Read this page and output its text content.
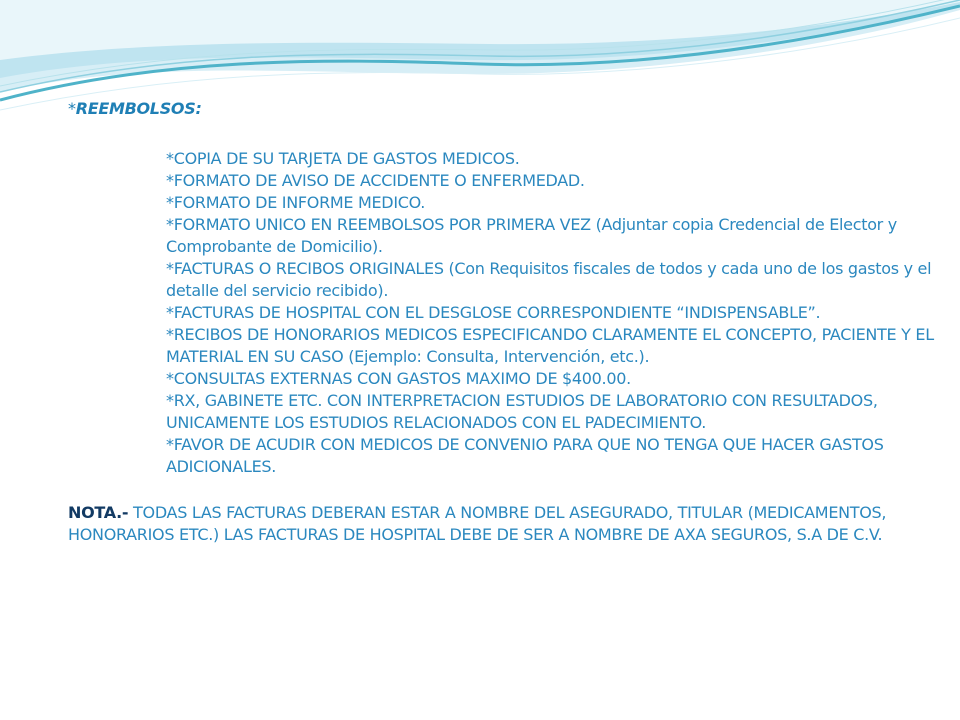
*REEMBOLSOS:

*COPIA DE SU TARJETA DE GASTOS MEDICOS.
*FORMATO DE AVISO DE ACCIDENTE O ENFERMEDAD.
*FORMATO DE INFORME MEDICO.
*FORMATO UNICO EN REEMBOLSOS POR PRIMERA VEZ (Adjuntar copia Credencial de Elector y Comprobante de Domicilio).
*FACTURAS O RECIBOS ORIGINALES (Con Requisitos fiscales de todos y cada uno de los gastos y el detalle del servicio recibido).
*FACTURAS DE HOSPITAL CON EL DESGLOSE CORRESPONDIENTE “INDISPENSABLE”.
*RECIBOS DE HONORARIOS MEDICOS ESPECIFICANDO CLARAMENTE EL CONCEPTO, PACIENTE Y EL MATERIAL EN SU CASO (Ejemplo: Consulta, Intervención, etc.).
*CONSULTAS EXTERNAS CON GASTOS MAXIMO DE $400.00.
*RX, GABINETE ETC. CON INTERPRETACION ESTUDIOS DE LABORATORIO CON RESULTADOS, UNICAMENTE LOS ESTUDIOS RELACIONADOS CON EL PADECIMIENTO.
*FAVOR DE ACUDIR CON MEDICOS DE CONVENIO PARA QUE NO TENGA QUE HACER GASTOS ADICIONALES.

NOTA.- TODAS LAS FACTURAS DEBERAN ESTAR A NOMBRE DEL ASEGURADO, TITULAR (MEDICAMENTOS, HONORARIOS ETC.) LAS FACTURAS DE HOSPITAL DEBE DE SER A NOMBRE DE AXA SEGUROS, S.A DE C.V.
